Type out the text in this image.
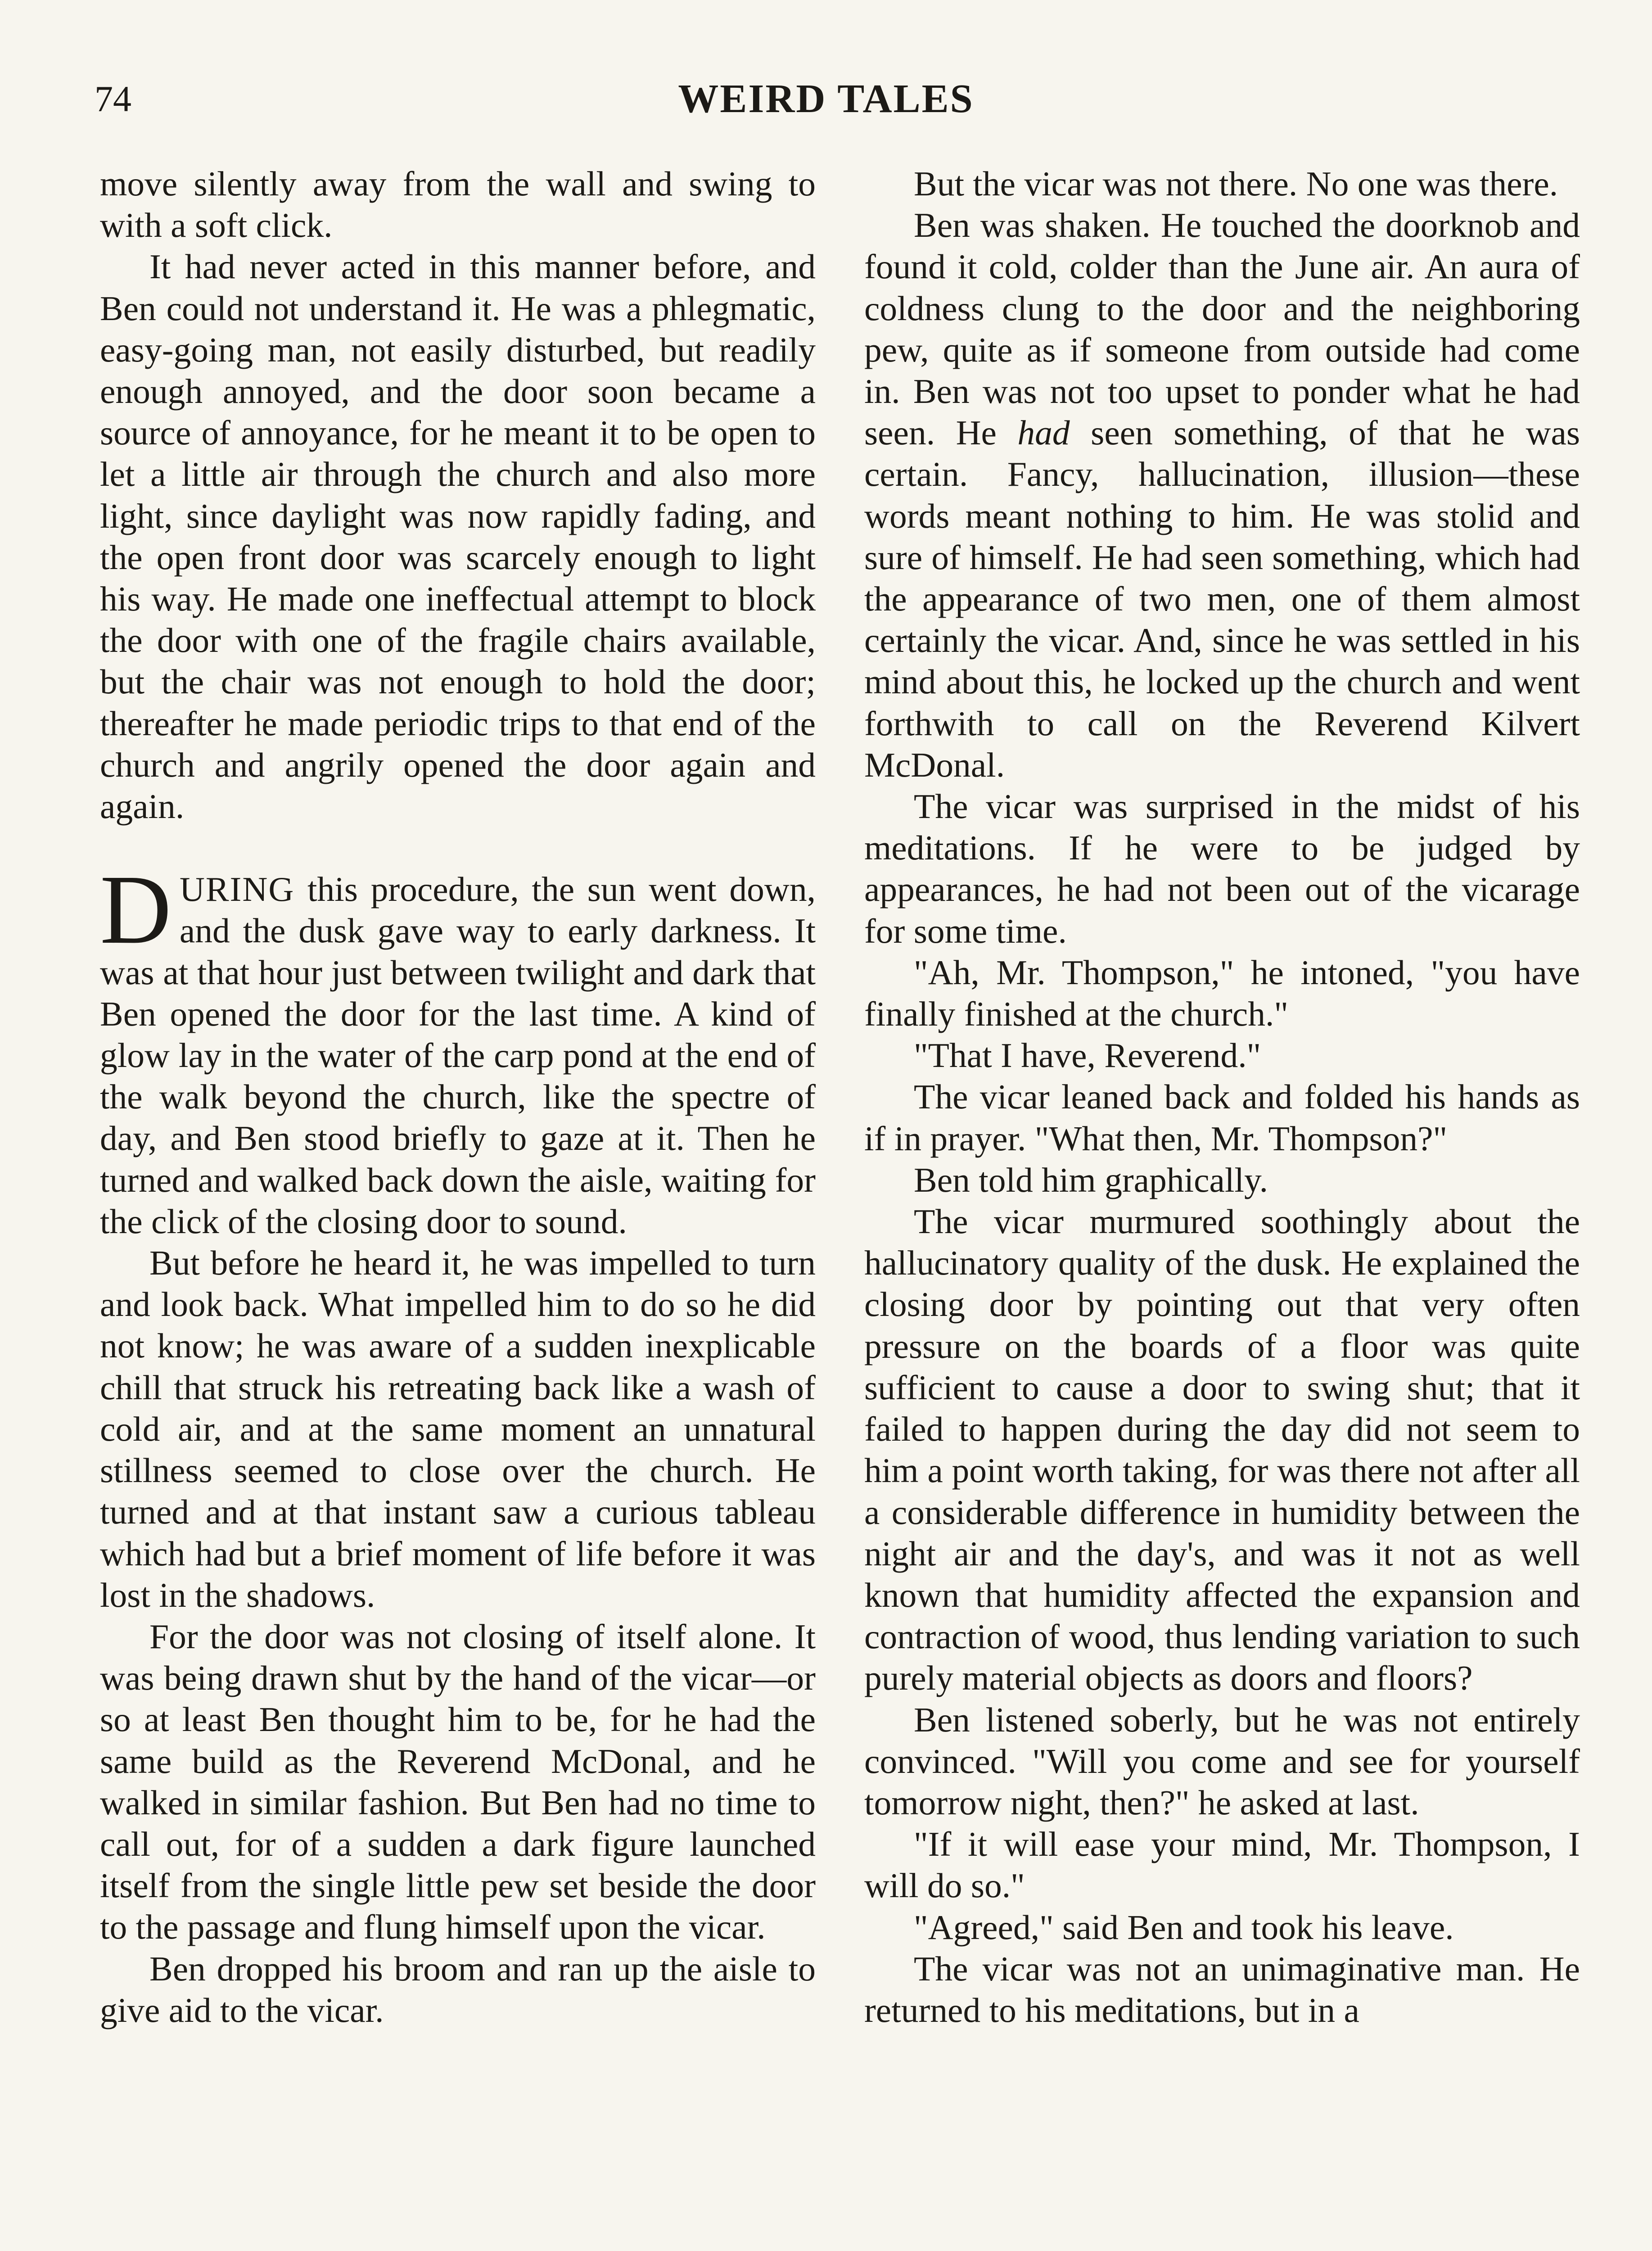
74	WEIRD TALES

move silently away from the wall and swing to with a soft click.

It had never acted in this manner before, and Ben could not understand it. He was a phlegmatic, easy-going man, not easily disturbed, but readily enough annoyed, and the door soon became a source of annoyance, for he meant it to be open to let a little air through the church and also more light, since daylight was now rapidly fading, and the open front door was scarcely enough to light his way. He made one ineffectual attempt to block the door with one of the fragile chairs available, but the chair was not enough to hold the door; thereafter he made periodic trips to that end of the church and angrily opened the door again and again.

DURING this procedure, the sun went down, and the dusk gave way to early darkness. It was at that hour just between twilight and dark that Ben opened the door for the last time. A kind of glow lay in the water of the carp pond at the end of the walk beyond the church, like the spectre of day, and Ben stood briefly to gaze at it. Then he turned and walked back down the aisle, waiting for the click of the closing door to sound.

But before he heard it, he was impelled to turn and look back. What impelled him to do so he did not know; he was aware of a sudden inexplicable chill that struck his retreating back like a wash of cold air, and at the same moment an unnatural stillness seemed to close over the church. He turned and at that instant saw a curious tableau which had but a brief moment of life before it was lost in the shadows.

For the door was not closing of itself alone. It was being drawn shut by the hand of the vicar—or so at least Ben thought him to be, for he had the same build as the Reverend McDonal, and he walked in similar fashion. But Ben had no time to call out, for of a sudden a dark figure launched itself from the single little pew set beside the door to the passage and flung himself upon the vicar.

Ben dropped his broom and ran up the aisle to give aid to the vicar.

But the vicar was not there. No one was there.

Ben was shaken. He touched the doorknob and found it cold, colder than the June air. An aura of coldness clung to the door and the neighboring pew, quite as if someone from outside had come in. Ben was not too upset to ponder what he had seen. He had seen something, of that he was certain. Fancy, hallucination, illusion—these words meant nothing to him. He was stolid and sure of himself. He had seen something, which had the appearance of two men, one of them almost certainly the vicar. And, since he was settled in his mind about this, he locked up the church and went forthwith to call on the Reverend Kilvert McDonal.

The vicar was surprised in the midst of his meditations. If he were to be judged by appearances, he had not been out of the vicarage for some time.

"Ah, Mr. Thompson," he intoned, "you have finally finished at the church."

"That I have, Reverend."

The vicar leaned back and folded his hands as if in prayer. "What then, Mr. Thompson?"

Ben told him graphically.

The vicar murmured soothingly about the hallucinatory quality of the dusk. He explained the closing door by pointing out that very often pressure on the boards of a floor was quite sufficient to cause a door to swing shut; that it failed to happen during the day did not seem to him a point worth taking, for was there not after all a considerable difference in humidity between the night air and the day's, and was it not as well known that humidity affected the expansion and contraction of wood, thus lending variation to such purely material objects as doors and floors?

Ben listened soberly, but he was not entirely convinced. "Will you come and see for yourself tomorrow night, then?" he asked at last.

"If it will ease your mind, Mr. Thompson, I will do so."

"Agreed," said Ben and took his leave.

The vicar was not an unimaginative man. He returned to his meditations, but in a
